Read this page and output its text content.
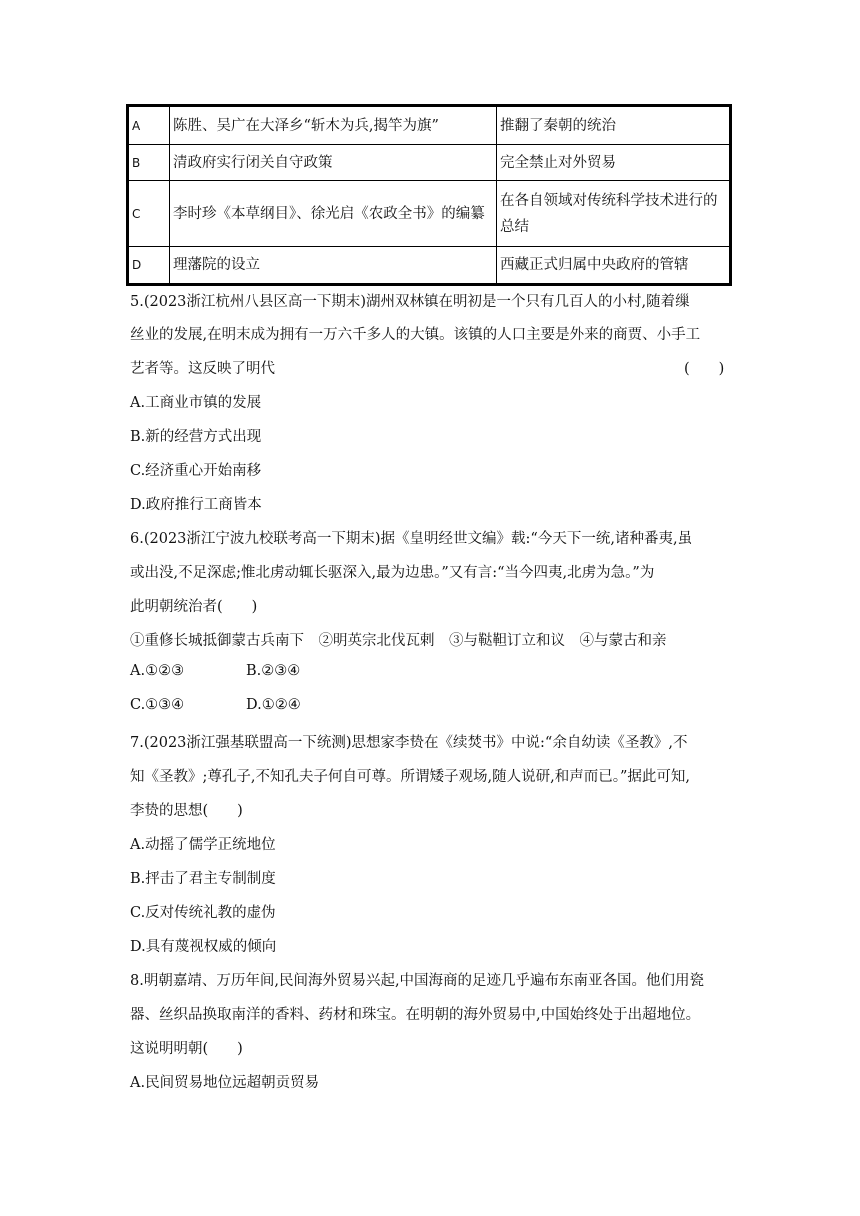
A	陈胜、吴广在大泽乡“斩木为兵,揭竿为旗”	推翻了秦朝的统治
B	清政府实行闭关自守政策	完全禁止对外贸易
C	李时珍《本草纲目》、徐光启《农政全书》的编纂	在各自领域对传统科学技术进行的总结
D	理藩院的设立	西藏正式归属中央政府的管辖
5.(2023浙江杭州八县区高一下期末)湖州双林镇在明初是一个只有几百人的小村,随着缫
丝业的发展,在明末成为拥有一万六千多人的大镇。该镇的人口主要是外来的商贾、小手工
艺者等。这反映了明代	(　　)
A.工商业市镇的发展
B.新的经营方式出现
C.经济重心开始南移
D.政府推行工商皆本
6.(2023浙江宁波九校联考高一下期末)据《皇明经世文编》载:“今天下一统,诸种番夷,虽
或出没,不足深虑;惟北虏动辄长驱深入,最为边患。”又有言:“当今四夷,北虏为急。”为
此明朝统治者(　　)
①重修长城抵御蒙古兵南下　②明英宗北伐瓦剌　③与鞑靼订立和议　④与蒙古和亲
A.①②③	B.②③④
C.①③④	D.①②④
7.(2023浙江强基联盟高一下统测)思想家李贽在《续焚书》中说:“余自幼读《圣教》,不
知《圣教》;尊孔子,不知孔夫子何自可尊。所谓矮子观场,随人说研,和声而已。”据此可知,
李贽的思想(　　)
A.动摇了儒学正统地位
B.抨击了君主专制制度
C.反对传统礼教的虚伪
D.具有蔑视权威的倾向
8.明朝嘉靖、万历年间,民间海外贸易兴起,中国海商的足迹几乎遍布东南亚各国。他们用瓷
器、丝织品换取南洋的香料、药材和珠宝。在明朝的海外贸易中,中国始终处于出超地位。
这说明明朝(　　)
A.民间贸易地位远超朝贡贸易
